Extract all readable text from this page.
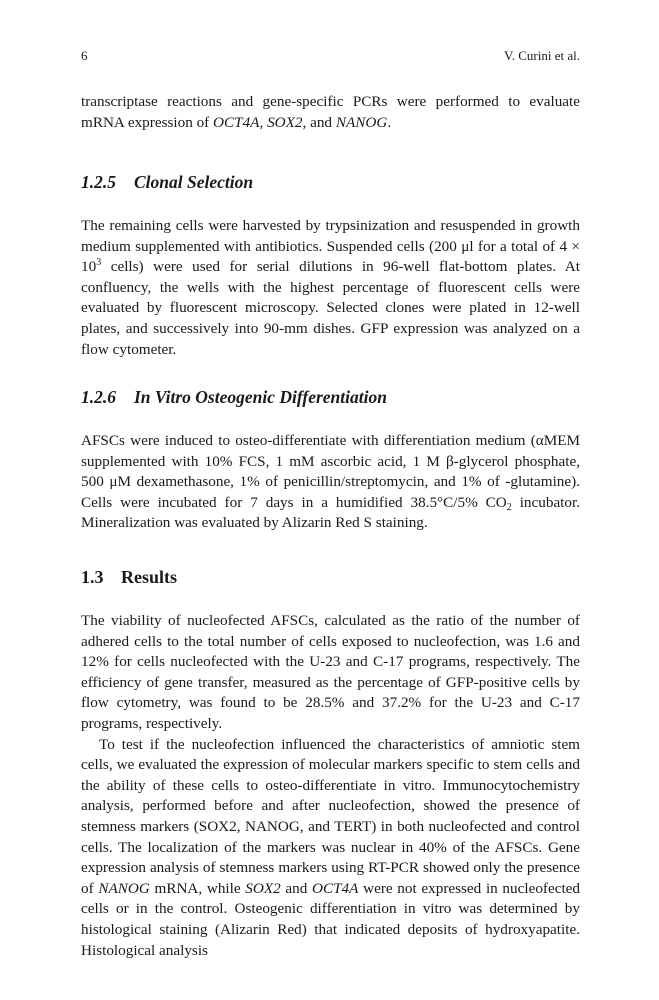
6	V. Curini et al.

transcriptase reactions and gene-specific PCRs were performed to evaluate mRNA expression of OCT4A, SOX2, and NANOG.

1.2.5 Clonal Selection

The remaining cells were harvested by trypsinization and resuspended in growth medium supplemented with antibiotics. Suspended cells (200 μl for a total of $4 \times 10^3$ cells) were used for serial dilutions in 96-well flat-bottom plates. At confluency, the wells with the highest percentage of fluorescent cells were evaluated by fluorescent microscopy. Selected clones were plated in 12-well plates, and successively into 90-mm dishes. GFP expression was analyzed on a flow cytometer.

1.2.6 In Vitro Osteogenic Differentiation

AFSCs were induced to osteo-differentiate with differentiation medium (αMEM supplemented with 10% FCS, 1 mM ascorbic acid, 1 M β-glycerol phosphate, 500 μM dexamethasone, 1% of penicillin/streptomycin, and 1% of -glutamine). Cells were incubated for 7 days in a humidified 38.5°C/5% $CO_2$ incubator. Mineralization was evaluated by Alizarin Red S staining.

1.3 Results

The viability of nucleofected AFSCs, calculated as the ratio of the number of adhered cells to the total number of cells exposed to nucleofection, was 1.6 and 12% for cells nucleofected with the U-23 and C-17 programs, respectively. The efficiency of gene transfer, measured as the percentage of GFP-positive cells by flow cytometry, was found to be 28.5% and 37.2% for the U-23 and C-17 programs, respectively.

To test if the nucleofection influenced the characteristics of amniotic stem cells, we evaluated the expression of molecular markers specific to stem cells and the ability of these cells to osteo-differentiate in vitro. Immunocytochemistry analysis, performed before and after nucleofection, showed the presence of stemness markers (SOX2, NANOG, and TERT) in both nucleofected and control cells. The localization of the markers was nuclear in 40% of the AFSCs. Gene expression analysis of stemness markers using RT-PCR showed only the presence of NANOG mRNA, while SOX2 and OCT4A were not expressed in nucleofected cells or in the control. Osteogenic differentiation in vitro was determined by histological staining (Alizarin Red) that indicated deposits of hydroxyapatite. Histological analysis
